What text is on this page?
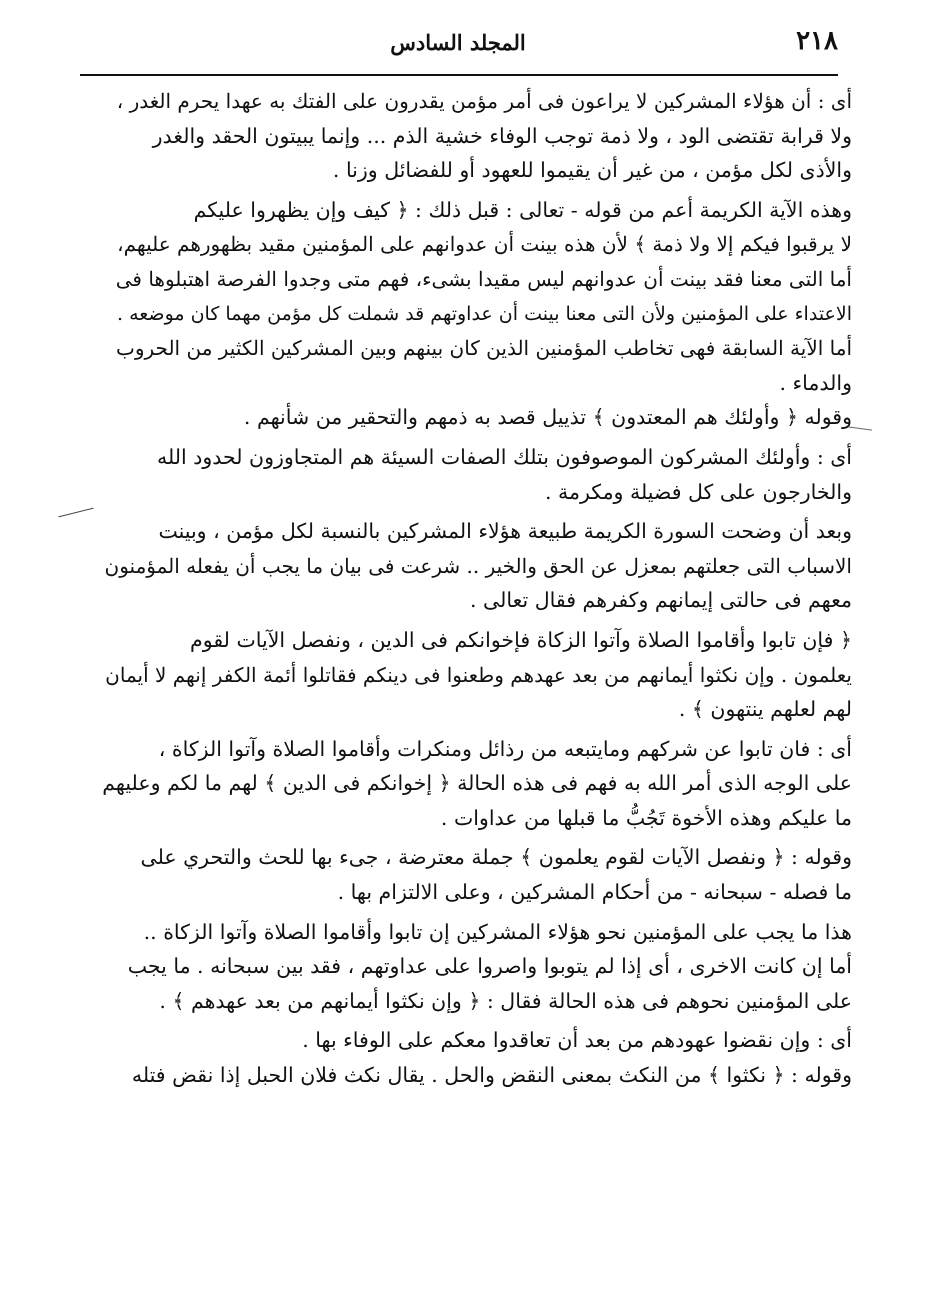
٢١٨
المجلد السادس
أى : أن هؤلاء المشركين لا يراعون فى أمر مؤمن يقدرون على الفتك به عهدا يحرم الغدر ،
ولا قرابة تقتضى الود ، ولا ذمة توجب الوفاء خشية الذم ... وإنما يبيتون الحقد والغدر
والأذى لكل مؤمن ، من غير أن يقيموا للعهود أو للفضائل وزنا .
وهذه الآية الكريمة أعم من قوله - تعالى : قبل ذلك : ﴿ كيف وإن يظهروا عليكم
لا يرقبوا فيكم إلا ولا ذمة ﴾ لأن هذه بينت أن عدوانهم على المؤمنين مقيد بظهورهم عليهم،
أما التى معنا فقد بينت أن عدوانهم ليس مقيدا بشىء، فهم متى وجدوا الفرصة اهتبلوها فى
الاعتداء على المؤمنين ولأن التى معنا بينت أن عداوتهم قد شملت كل مؤمن مهما كان موضعه .
أما الآية السابقة فهى تخاطب المؤمنين الذين كان بينهم وبين المشركين الكثير من الحروب
والدماء .
وقوله ﴿ وأولئك هم المعتدون ﴾ تذييل قصد به ذمهم والتحقير من شأنهم .
أى : وأولئك المشركون الموصوفون بتلك الصفات السيئة هم المتجاوزون لحدود الله
والخارجون على كل فضيلة ومكرمة .
وبعد أن وضحت السورة الكريمة طبيعة هؤلاء المشركين بالنسبة لكل مؤمن ، وبينت
الاسباب التى جعلتهم بمعزل عن الحق والخير .. شرعت فى بيان ما يجب أن يفعله المؤمنون
معهم فى حالتى إيمانهم وكفرهم فقال تعالى .
﴿ فإن تابوا وأقاموا الصلاة وآتوا الزكاة فإخوانكم فى الدين ، ونفصل الآيات لقوم
يعلمون . وإن نكثوا أيمانهم من بعد عهدهم وطعنوا فى دينكم فقاتلوا أئمة الكفر إنهم لا أيمان
لهم لعلهم ينتهون ﴾ .
أى : فان تابوا عن شركهم ومايتبعه من رذائل ومنكرات وأقاموا الصلاة وآتوا الزكاة ،
على الوجه الذى أمر الله به فهم فى هذه الحالة ﴿ إخوانكم فى الدين ﴾ لهم ما لكم وعليهم
ما عليكم وهذه الأخوة تَجُبُّ ما قبلها من عداوات .
وقوله : ﴿ ونفصل الآيات لقوم يعلمون ﴾ جملة معترضة ، جىء بها للحث والتحري على
ما فصله - سبحانه - من أحكام المشركين ، وعلى الالتزام بها .
هذا ما يجب على المؤمنين نحو هؤلاء المشركين إن تابوا وأقاموا الصلاة وآتوا الزكاة ..
أما إن كانت الاخرى ، أى إذا لم يتوبوا واصروا على عداوتهم ، فقد بين سبحانه . ما يجب
على المؤمنين نحوهم فى هذه الحالة فقال : ﴿ وإن نكثوا أيمانهم من بعد عهدهم ﴾ .
أى : وإن نقضوا عهودهم من بعد أن تعاقدوا معكم على الوفاء بها .
وقوله : ﴿ نكثوا ﴾ من النكث بمعنى النقض والحل . يقال نكث فلان الحبل إذا نقض فتله
